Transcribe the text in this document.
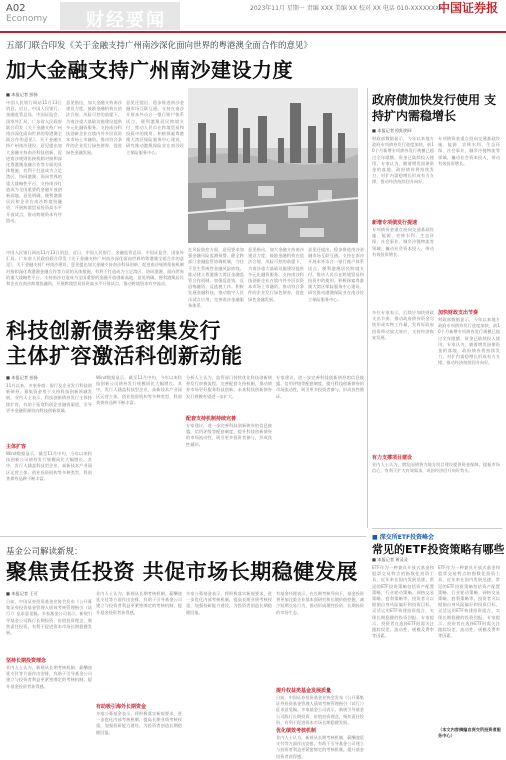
A02
Economy 财经要闻
2023年11月 星期一 责编 XXX 美编 XX 校对 XX 电话 010-XXXXXXXX
中国证券报
五部门联合印发《关于金融支持广州南沙深化面向世界的粤港澳全面合作的意见》
加大金融支持广州南沙建设力度
■ 本报记者 彭扬
中国人民银行网站11月13日消息，近日，中国人民银行、金融监管总局、中国证监会、国家外汇局、广东省人民政府联合印发《关于金融支持广州南沙深化面向世界的粤港澳全面合作的意见》。关于金融支持广州南沙建设，意见提出加大金融支持南沙科技创新、促进南沙规则衔接机制对接和深化粤港澳金融合作等方面的具体措施，有利于打造成为立足湾区、协同港澳、面向世界的重大战略性平台，支持南沙打造成为全国重要的金融开放创新高地。意见明确，便利港澳居民和企业在南沙跨境投融资，开展跨境贸易投资高水平开放试点，推动跨境资本有序流动。
意见指出，加大金融支持南沙建设力度。鼓励金融机构在依法合规、风险可控的前提下，为南沙重大基础设施建设提供多元化融资服务。支持南沙科技创新企业在境内外多层次资本市场上市融资。推动符合条件的企业发行绿色债券，促进绿色金融发展。
意见还提出，稳步推进南沙金融市场互联互通。支持在南沙开展本外币合一银行账户体系试点，便利港澳居民跨境支付，推动人民币在跨境贸易和投资中的使用。积极探索粤港澳大湾区保险服务中心建设，研究推动港澳保险业在南沙设立保险服务中心。
在风险防控方面，意见要求加强金融风险监测预警，健全跨部门金融监管协调机制，守住不发生系统性金融风险底线。推动建立粤港澳大湾区金融监管合作机制，加强反洗钱、反恐怖融资、反逃税工作。积极发展金融科技，推动数字人民币试点应用，完善南沙金融服务体系。
意见指出，加大金融支持南沙建设力度。鼓励金融机构在依法合规、风险可控的前提下，为南沙重大基础设施建设提供多元化融资服务。支持南沙科技创新企业在境内外多层次资本市场上市融资。推动符合条件的企业发行绿色债券，促进绿色金融发展。
意见还提出，稳步推进南沙金融市场互联互通。支持在南沙开展本外币合一银行账户体系试点，便利港澳居民跨境支付，推动人民币在跨境贸易和投资中的使用。积极探索粤港澳大湾区保险服务中心建设，研究推动港澳保险业在南沙设立保险服务中心。
中国人民银行网站11月13日消息，近日，中国人民银行、金融监管总局、中国证监会、国家外汇局、广东省人民政府联合印发《关于金融支持广州南沙深化面向世界的粤港澳全面合作的意见》。关于金融支持广州南沙建设，意见提出加大金融支持南沙科技创新、促进南沙规则衔接机制对接和深化粤港澳金融合作等方面的具体措施，有利于打造成为立足湾区、协同港澳、面向世界的重大战略性平台，支持南沙打造成为全国重要的金融开放创新高地。意见明确，便利港澳居民和企业在南沙跨境投融资，开展跨境贸易投资高水平开放试点，推动跨境资本有序流动。
政府债加快发行使用 支持扩内需稳增长
■ 本报记者 欧阳剑环
财政部数据显示，今年以来地方政府专项债券发行进度加快，前10个月新增专项债券发行规模已超过全年限额，资金已陆续投入使用。专家认为，随着增发国债资金的落地，政府债券将持续发力，对扩内需稳增长形成有力支撑，推动经济持续回升向好。
专项债资金重点投向交通基础设施、能源、农林水利、生态环保、社会事业、城乡冷链物流等领域，撬动社会资本投入，带动有效投资增长。
新增专项债发行提速
专项债资金重点投向交通基础设施、能源、农林水利、生态环保、社会事业、城乡冷链物流等领域，撬动社会资本投入，带动有效投资增长。
加快财政支出节奏
多位专家表示，后续应加快财政支出节奏，推动政府债券资金尽快形成实物工作量，发挥好政府投资带动放大效应，支持经济恢复发展。
财政部数据显示，今年以来地方政府专项债券发行进度加快，前10个月新增专项债券发行规模已超过全年限额，资金已陆续投入使用。专家认为，随着增发国债资金的落地，政府债券将持续发力，对扩内需稳增长形成有力支撑，推动经济持续回升向好。
有力支撑项目建设
业内人士认为，增发国债将为地方项目建设提供资金保障，提振市场信心，有利于扩大有效需求，巩固经济回升向好势头。
科技创新债券密集发行
主体扩容激活科创新动能
■ 本报记者 彭扬
11月以来，多家券商、银行及企业发行科技创新债券，募集资金用于支持科技创新领域发展。业内人士表示，科技创新债券发行主体持续扩容，有助于拓宽科创企业融资渠道，引导更多金融资源投向科技创新领域。
主体扩容
Wind数据显示，截至11月中旬，今年以来科技创新公司债券发行规模同比大幅增长。其中，发行人涵盖科技型企业、高新技术产业园区运营主体、创业投资机构等多种类型，科创类债券品种不断丰富。
Wind数据显示，截至11月中旬，今年以来科技创新公司债券发行规模同比大幅增长。其中，发行人涵盖科技型企业、高新技术产业园区运营主体、创业投资机构等多种类型，科创类债券品种不断丰富。
分析人士认为，监管部门持续优化科技创新债券发行审核流程，完善配套支持机制，推动债券市场更好服务科技创新。未来科技创新债券发行规模有望进一步扩大。
配套支持机制持续完善
专家建议，进一步完善科技创新债券的信息披露、信用评级等配套制度，提升科技创新债券的市场流动性，吸引更多投资者参与，形成良性循环。
专家建议，进一步完善科技创新债券的信息披露、信用评级等配套制度，提升科技创新债券的市场流动性，吸引更多投资者参与，形成良性循环。
■ 深交所ETF投资峰会
常见的ETF投资策略有哪些
■ 本报记者 黄灵灵
ETF作为一种兼具开放式基金和股票交易特点的指数化投资工具，近年来在国内发展迅速。常见的ETF投资策略包括资产配置策略、行业轮动策略、网格交易策略、套利策略等。投资者可以根据自身风险偏好和投资目标，灵活运用ETF构建投资组合，实现长期稳健的投资回报。专家提示，投资者在选择ETF时需关注跟踪误差、流动性、规模及费率等因素。
ETF作为一种兼具开放式基金和股票交易特点的指数化投资工具，近年来在国内发展迅速。常见的ETF投资策略包括资产配置策略、行业轮动策略、网格交易策略、套利策略等。投资者可以根据自身风险偏好和投资目标，灵活运用ETF构建投资组合，实现长期稳健的投资回报。专家提示，投资者在选择ETF时需关注跟踪误差、流动性、规模及费率等因素。
（本文内容摘编自深交所投资者服务中心）
基金公司解读新规：
聚焦责任投资 共促市场长期稳健发展
■ 本报记者 王可
日前，中国证券投资基金业协会发布《公开募集证券投资基金管理人绩效考核管理指引（试行）》征求意见稿。多家基金公司表示，新规引导基金公司践行长期投资、价值投资理念，聚焦责任投资，有利于促进资本市场长期稳健发展。
坚持长期投资理念
业内人士认为，新规从长期考核机制、薪酬递延支付等方面作出安排，有助于引导基金公司建立与投资者利益更紧密绑定的考核机制，提升基金投资者获得感。
业内人士认为，新规从长期考核机制、薪酬递延支付等方面作出安排，有助于引导基金公司建立与投资者利益更紧密绑定的考核机制，提升基金投资者获得感。
有助吸引海外长期资金
多家公募基金表示，将积极落实新规要求，进一步优化内部考核机制，提高长期业绩考核权重，加强投研能力建设，为投资者创造长期稳健回报。
多家公募基金表示，将积极落实新规要求，进一步优化内部考核机制，提高长期业绩考核权重，加强投研能力建设，为投资者创造长期稳健回报。
有基金经理表示，在长期考核导向下，基金投资将更加注重企业基本面研究和长期价值挖掘，减少短期交易行为，推动形成理性投资、长期投资的市场生态。
提升权益类基金发展质量
日前，中国证券投资基金业协会发布《公开募集证券投资基金管理人绩效考核管理指引（试行）》征求意见稿。多家基金公司表示，新规引导基金公司践行长期投资、价值投资理念，聚焦责任投资，有利于促进资本市场长期稳健发展。
优化绩效考核机制
业内人士认为，新规从长期考核机制、薪酬递延支付等方面作出安排，有助于引导基金公司建立与投资者利益更紧密绑定的考核机制，提升基金投资者获得感。
